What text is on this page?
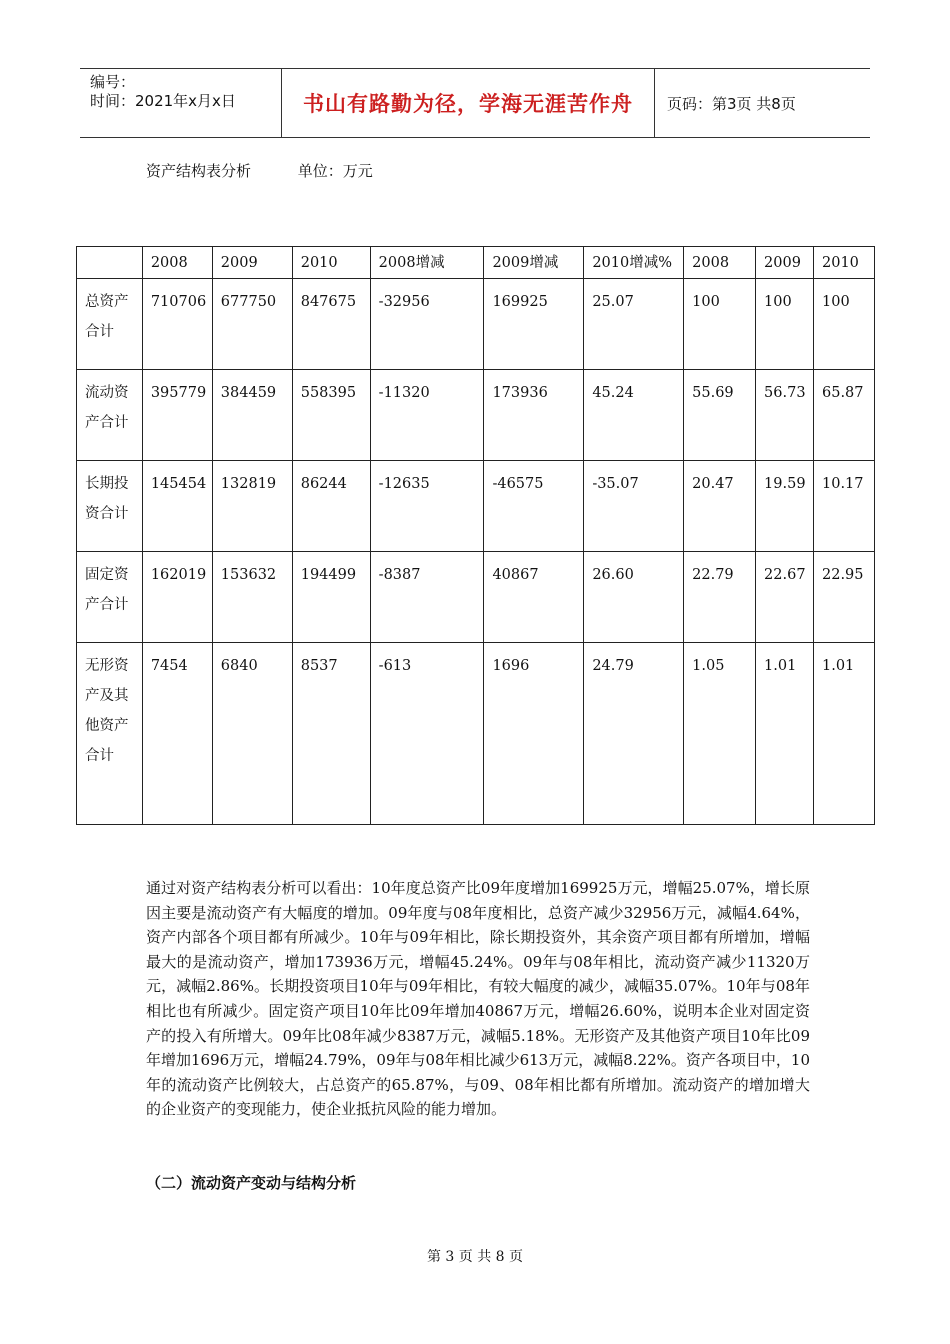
编号：
时间：2021年x月x日	书山有路勤为径，学海无涯苦作舟	页码：第3页 共8页
资产结构表分析	单位：万元
	2008	2009	2010	2008增减	2009增减	2010增减%	2008	2009	2010
总资产合计	710706	677750	847675	-32956	169925	25.07	100	100	100
流动资产合计	395779	384459	558395	-11320	173936	45.24	55.69	56.73	65.87
长期投资合计	145454	132819	86244	-12635	-46575	-35.07	20.47	19.59	10.17
固定资产合计	162019	153632	194499	-8387	40867	26.60	22.79	22.67	22.95
无形资产及其他资产合计	7454	6840	8537	-613	1696	24.79	1.05	1.01	1.01
通过对资产结构表分析可以看出：10年度总资产比09年度增加169925万元，增幅25.07%，增长原因主要是流动资产有大幅度的增加。09年度与08年度相比，总资产减少32956万元，减幅4.64%，资产内部各个项目都有所减少。10年与09年相比，除长期投资外，其余资产项目都有所增加，增幅最大的是流动资产，增加173936万元，增幅45.24%。09年与08年相比，流动资产减少11320万元，减幅2.86%。长期投资项目10年与09年相比，有较大幅度的减少，减幅35.07%。10年与08年相比也有所减少。固定资产项目10年比09年增加40867万元，增幅26.60%，说明本企业对固定资产的投入有所增大。09年比08年减少8387万元，减幅5.18%。无形资产及其他资产项目10年比09年增加1696万元，增幅24.79%，09年与08年相比减少613万元，减幅8.22%。资产各项目中，10年的流动资产比例较大，占总资产的65.87%，与09、08年相比都有所增加。流动资产的增加增大的企业资产的变现能力，使企业抵抗风险的能力增加。
（二）流动资产变动与结构分析
第 3 页 共 8 页
